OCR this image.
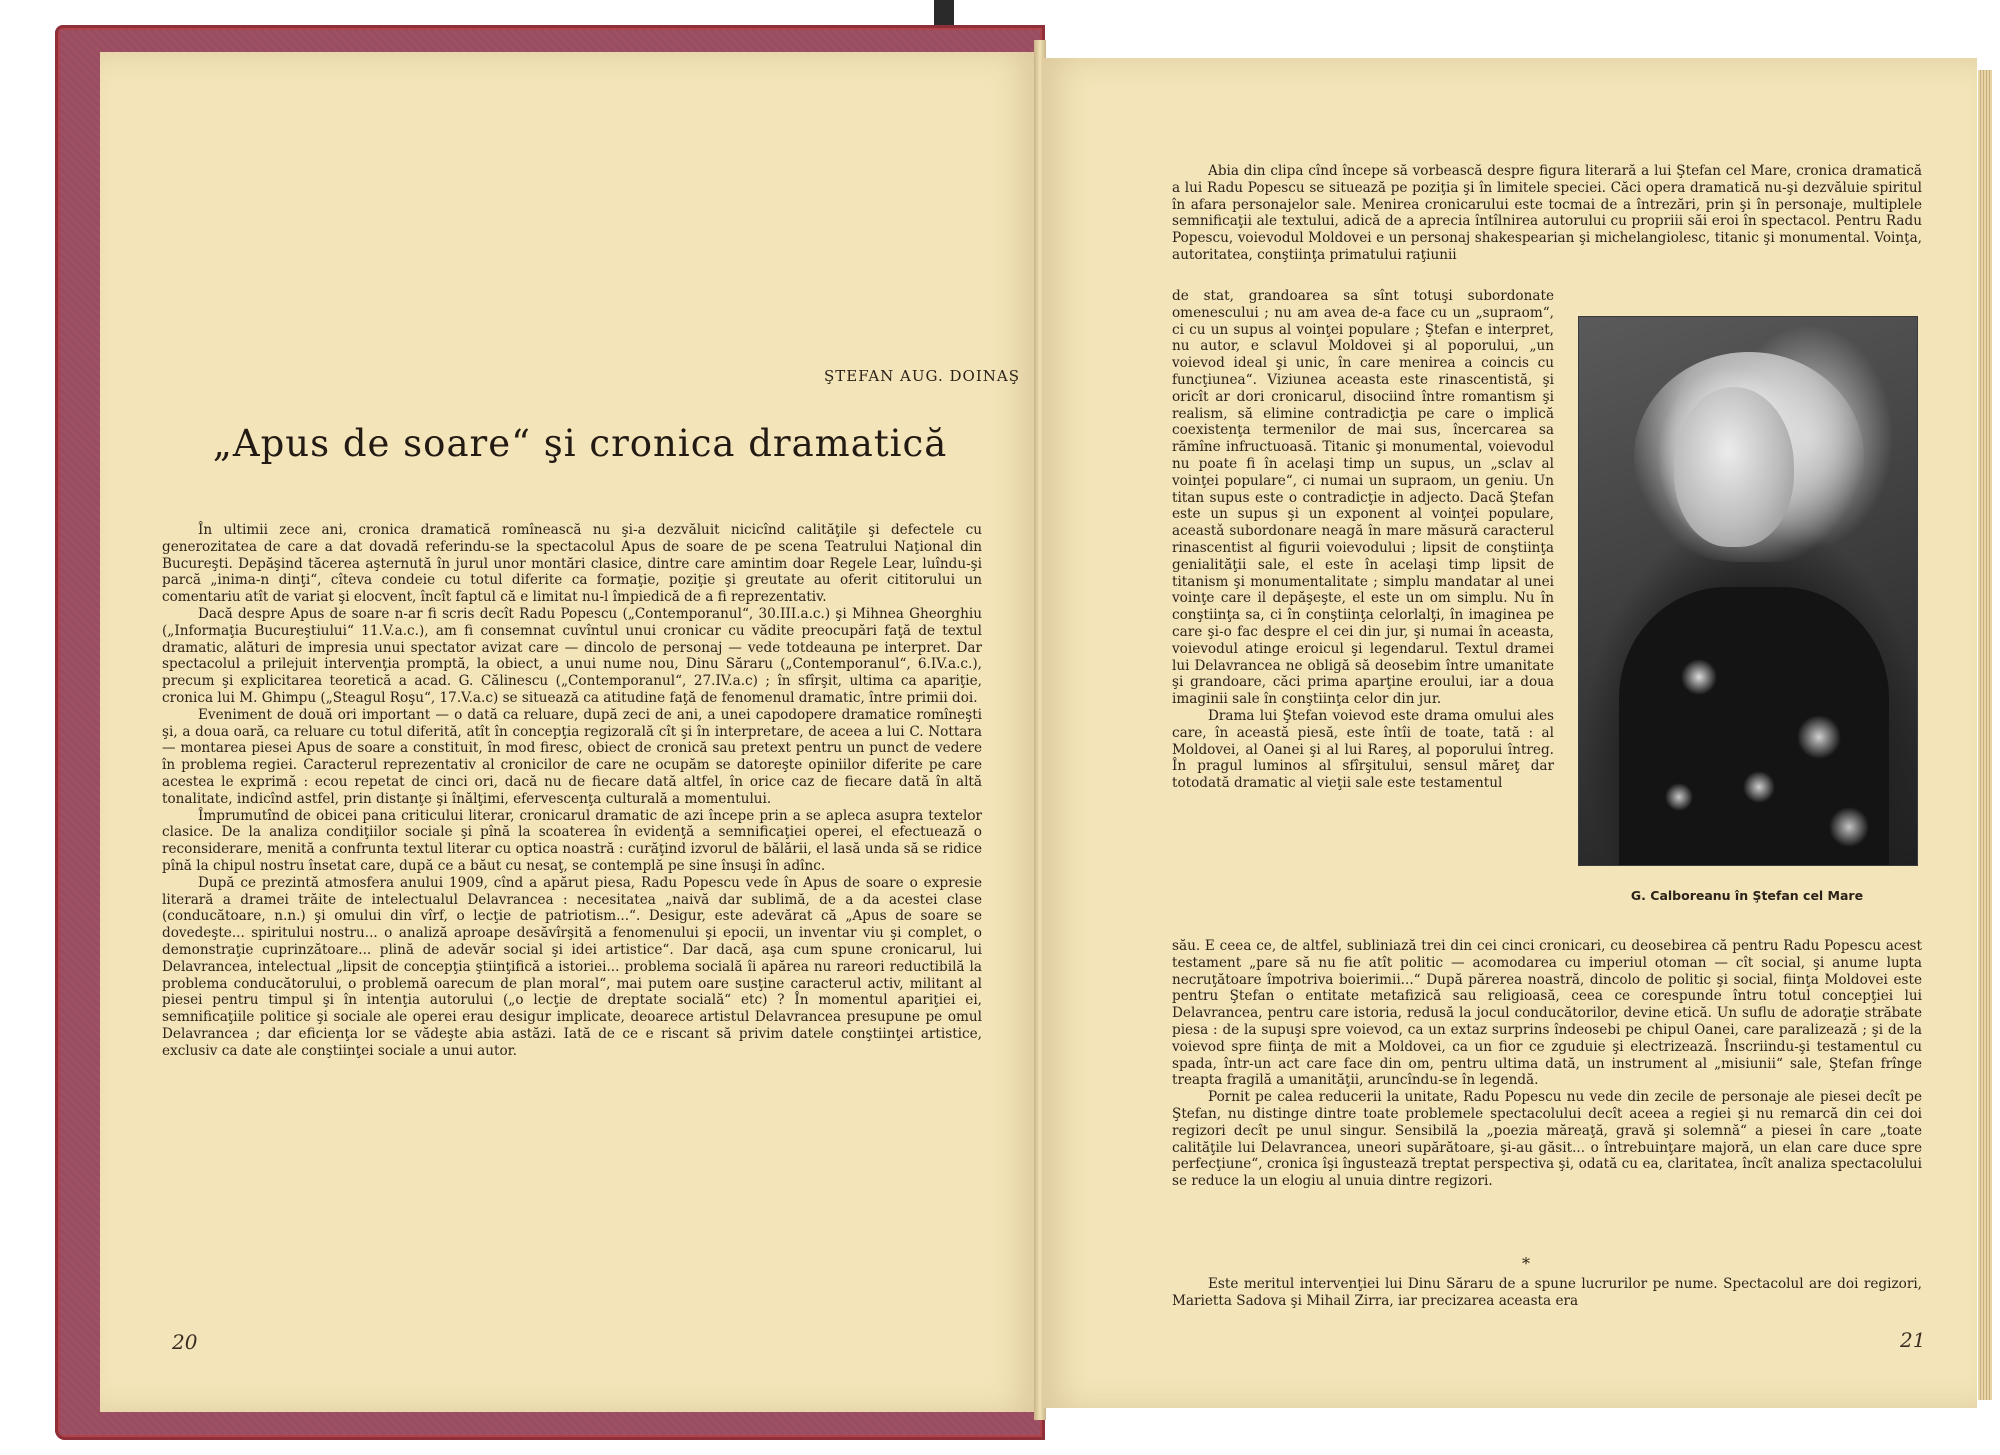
ŞTEFAN AUG. DOINAŞ
„Apus de soare“ şi cronica dramatică

În ultimii zece ani, cronica dramatică romînească nu şi-a dezvăluit nicicînd calităţile şi defectele cu generozitatea de care a dat dovadă referindu-se la spectacolul Apus de soare de pe scena Teatrului Naţional din Bucureşti. Depăşind tăcerea aşternută în jurul unor montări clasice, dintre care amintim doar Regele Lear, luîndu-şi parcă „inima-n dinţi“, cîteva condeie cu totul diferite ca formaţie, poziţie şi greutate au oferit cititorului un comentariu atît de variat şi elocvent, încît faptul că e limitat nu-l împiedică de a fi reprezentativ.

Dacă despre Apus de soare n-ar fi scris decît Radu Popescu („Contemporanul“, 30.III.a.c.) şi Mihnea Gheorghiu („Informaţia Bucureştiului“ 11.V.a.c.), am fi consemnat cuvîntul unui cronicar cu vădite preocupări faţă de textul dramatic, alături de impresia unui spectator avizat care — dincolo de personaj — vede totdeauna pe interpret. Dar spectacolul a prilejuit intervenţia promptă, la obiect, a unui nume nou, Dinu Săraru („Contemporanul“, 6.IV.a.c.), precum şi explicitarea teoretică a acad. G. Călinescu („Contemporanul“, 27.IV.a.c) ; în sfîrşit, ultima ca apariţie, cronica lui M. Ghimpu („Steagul Roşu“, 17.V.a.c) se situează ca atitudine faţă de fenomenul dramatic, între primii doi.

Eveniment de două ori important — o dată ca reluare, după zeci de ani, a unei capodopere dramatice romîneşti şi, a doua oară, ca reluare cu totul diferită, atît în concepţia regizorală cît şi în interpretare, de aceea a lui C. Nottara — montarea piesei Apus de soare a constituit, în mod firesc, obiect de cronică sau pretext pentru un punct de vedere în problema regiei. Caracterul reprezentativ al cronicilor de care ne ocupăm se datoreşte opiniilor diferite pe care acestea le exprimă : ecou repetat de cinci ori, dacă nu de fiecare dată altfel, în orice caz de fiecare dată în altă tonalitate, indicînd astfel, prin distanţe şi înălţimi, efervescenţa culturală a momentului.

Împrumutînd de obicei pana criticului literar, cronicarul dramatic de azi începe prin a se apleca asupra textelor clasice. De la analiza condiţiilor sociale şi pînă la scoaterea în evidenţă a semnificaţiei operei, el efectuează o reconsiderare, menită a confrunta textul literar cu optica noastră : curăţind izvorul de bălării, el lasă unda să se ridice pînă la chipul nostru însetat care, după ce a băut cu nesaţ, se contemplă pe sine însuşi în adînc.

După ce prezintă atmosfera anului 1909, cînd a apărut piesa, Radu Popescu vede în Apus de soare o expresie literară a dramei trăite de intelectualul Delavrancea : necesitatea „naivă dar sublimă, de a da acestei clase (conducătoare, n.n.) şi omului din vîrf, o lecţie de patriotism...“. Desigur, este adevărat că „Apus de soare se dovedeşte... spiritului nostru... o analiză aproape desăvîrşită a fenomenului şi epocii, un inventar viu şi complet, o demonstraţie cuprinzătoare... plină de adevăr social şi idei artistice“. Dar dacă, aşa cum spune cronicarul, lui Delavrancea, intelectual „lipsit de concepţia ştiinţifică a istoriei... problema socială îi apărea nu rareori reductibilă la problema conducătorului, o problemă oarecum de plan moral“, mai putem oare susţine caracterul activ, militant al piesei pentru timpul şi în intenţia autorului („o lecţie de dreptate socială“ etc) ? În momentul apariţiei ei, semnificaţiile politice şi sociale ale operei erau desigur implicate, deoarece artistul Delavrancea presupune pe omul Delavrancea ; dar eficienţa lor se vădeşte abia astăzi. Iată de ce e riscant să privim datele conştiinţei artistice, exclusiv ca date ale conştiinţei sociale a unui autor.

20

Abia din clipa cînd începe să vorbească despre figura literară a lui Ştefan cel Mare, cronica dramatică a lui Radu Popescu se situează pe poziţia şi în limitele speciei. Căci opera dramatică nu-şi dezvăluie spiritul în afara personajelor sale. Menirea cronicarului este tocmai de a întrezări, prin şi în personaje, multiplele semnificaţii ale textului, adică de a aprecia întîlnirea autorului cu propriii săi eroi în spectacol. Pentru Radu Popescu, voievodul Moldovei e un personaj shakespearian şi michelangiolesc, titanic şi monumental. Voinţa, autoritatea, conştiinţa primatului raţiunii

de stat, grandoarea sa sînt totuşi subordonate omenescului ; nu am avea de-a face cu un „supraom“, ci cu un supus al voinţei populare ; Ştefan e interpret, nu autor, e sclavul Moldovei şi al poporului, „un voievod ideal şi unic, în care menirea a coincis cu funcţiunea“. Viziunea aceasta este rinascentistă, şi oricît ar dori cronicarul, disociind între romantism şi realism, să elimine contradicţia pe care o implică coexistenţa termenilor de mai sus, încercarea sa rămîne infructuoasă. Titanic şi monumental, voievodul nu poate fi în acelaşi timp un supus, un „sclav al voinţei populare“, ci numai un supraom, un geniu. Un titan supus este o contradicţie in adjecto. Dacă Ştefan este un supus şi un exponent al voinţei populare, aceastǎ subordonare neagă în mare măsură caracterul rinascentist al figurii voievodului ; lipsit de conştiinţa genialităţii sale, el este în acelaşi timp lipsit de titanism şi monumentalitate ; simplu mandatar al unei voinţe care il depăşeşte, el este un om simplu. Nu în conştiinţa sa, ci în conştiinţa celorlalţi, în imaginea pe care şi-o fac despre el cei din jur, şi numai în aceasta, voievodul atinge eroicul şi legendarul. Textul dramei lui Delavrancea ne obligă să deosebim între umanitate şi grandoare, căci prima aparţine eroului, iar a doua imaginii sale în conştiinţa celor din jur.

Drama lui Ştefan voievod este drama omului ales care, în această piesă, este întîi de toate, tată : al Moldovei, al Oanei şi al lui Rareş, al poporului întreg. În pragul luminos al sfîrşitului, sensul măreţ dar totodată dramatic al vieţii sale este testamentul

G. Calboreanu în Ştefan cel Mare

său. E ceea ce, de altfel, subliniază trei din cei cinci cronicari, cu deosebirea că pentru Radu Popescu acest testament „pare să nu fie atît politic — acomodarea cu imperiul otoman — cît social, şi anume lupta necruţătoare împotriva boierimii...“ După părerea noastră, dincolo de politic şi social, fiinţa Moldovei este pentru Ştefan o entitate metafizică sau religioasă, ceea ce corespunde întru totul concepţiei lui Delavrancea, pentru care istoria, redusă la jocul conducătorilor, devine etică. Un suflu de adoraţie străbate piesa : de la supuşi spre voievod, ca un extaz surprins îndeosebi pe chipul Oanei, care paralizează ; şi de la voievod spre fiinţa de mit a Moldovei, ca un fior ce zguduie şi electrizează. Înscriindu-şi testamentul cu spada, într-un act care face din om, pentru ultima dată, un instrument al „misiunii“ sale, Ştefan frînge treapta fragilă a umanităţii, aruncîndu-se în legendă.

Pornit pe calea reducerii la unitate, Radu Popescu nu vede din zecile de personaje ale piesei decît pe Ştefan, nu distinge dintre toate problemele spectacolului decît aceea a regiei şi nu remarcă din cei doi regizori decît pe unul singur. Sensibilă la „poezia măreaţă, gravă şi solemnă“ a piesei în care „toate calităţile lui Delavrancea, uneori supărătoare, şi-au găsit... o întrebuinţare majoră, un elan care duce spre perfecţiune“, cronica îşi îngustează treptat perspectiva şi, odată cu ea, claritatea, încît analiza spectacolului se reduce la un elogiu al unuia dintre regizori.

*

Este meritul intervenţiei lui Dinu Săraru de a spune lucrurilor pe nume. Spectacolul are doi regizori, Marietta Sadova şi Mihail Zirra, iar precizarea aceasta era

21
